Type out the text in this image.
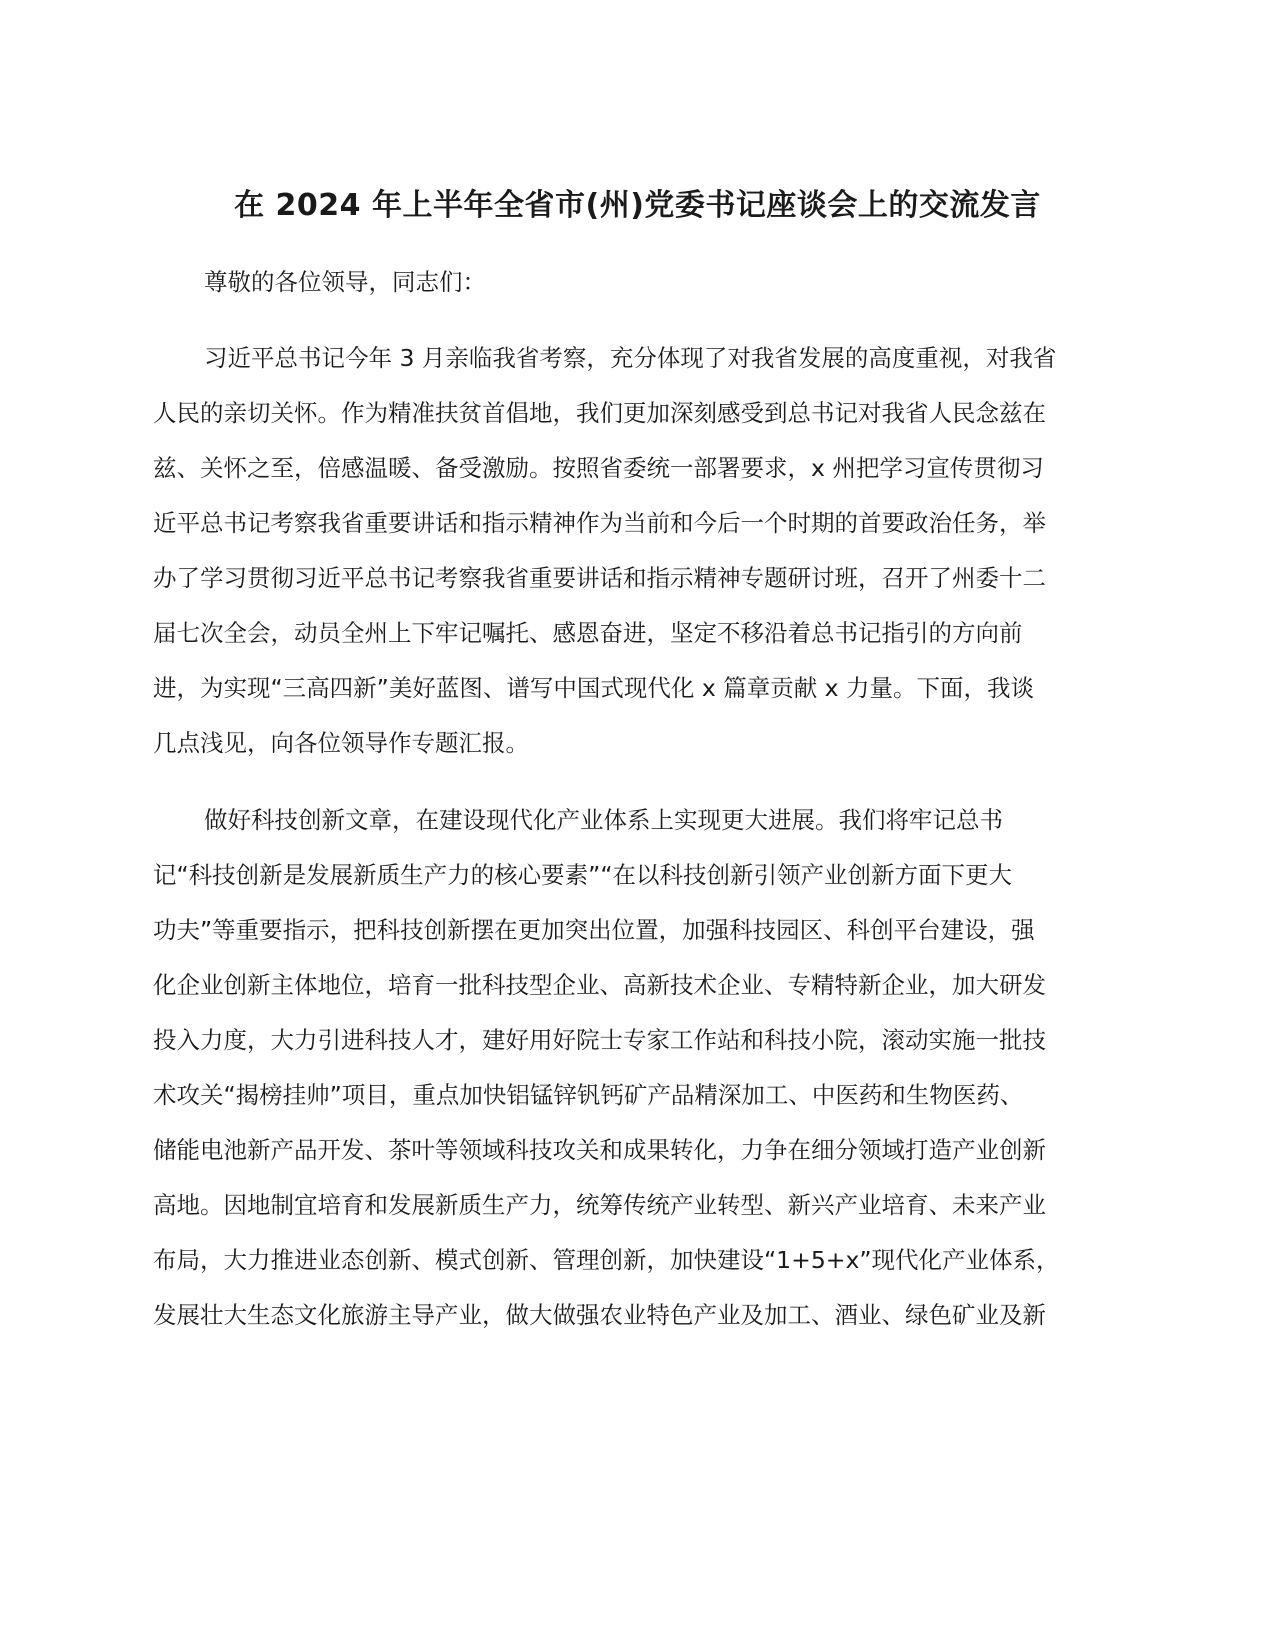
在 2024 年上半年全省市(州)党委书记座谈会上的交流发言
尊敬的各位领导，同志们：
习近平总书记今年 3 月亲临我省考察，充分体现了对我省发展的高度重视，对我省
人民的亲切关怀。作为精准扶贫首倡地，我们更加深刻感受到总书记对我省人民念兹在
兹、关怀之至，倍感温暖、备受激励。按照省委统一部署要求，x 州把学习宣传贯彻习
近平总书记考察我省重要讲话和指示精神作为当前和今后一个时期的首要政治任务，举
办了学习贯彻习近平总书记考察我省重要讲话和指示精神专题研讨班，召开了州委十二
届七次全会，动员全州上下牢记嘱托、感恩奋进，坚定不移沿着总书记指引的方向前
进，为实现“三高四新”美好蓝图、谱写中国式现代化 x 篇章贡献 x 力量。下面，我谈
几点浅见，向各位领导作专题汇报。
做好科技创新文章，在建设现代化产业体系上实现更大进展。我们将牢记总书
记“科技创新是发展新质生产力的核心要素”“在以科技创新引领产业创新方面下更大
功夫”等重要指示，把科技创新摆在更加突出位置，加强科技园区、科创平台建设，强
化企业创新主体地位，培育一批科技型企业、高新技术企业、专精特新企业，加大研发
投入力度，大力引进科技人才，建好用好院士专家工作站和科技小院，滚动实施一批技
术攻关“揭榜挂帅”项目，重点加快铝锰锌钒钙矿产品精深加工、中医药和生物医药、
储能电池新产品开发、茶叶等领域科技攻关和成果转化，力争在细分领域打造产业创新
高地。因地制宜培育和发展新质生产力，统筹传统产业转型、新兴产业培育、未来产业
布局，大力推进业态创新、模式创新、管理创新，加快建设“1+5+x”现代化产业体系，
发展壮大生态文化旅游主导产业，做大做强农业特色产业及加工、酒业、绿色矿业及新
